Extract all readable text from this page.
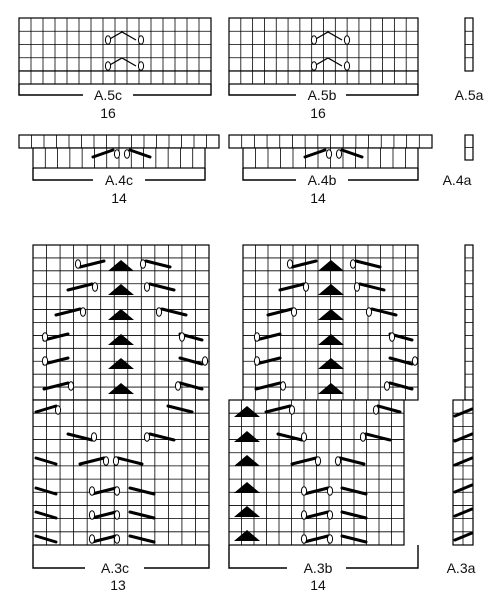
A.5c
16
A.5b
16
A.5a
A.4c
14
A.4b
14
A.4a
A.3c
13
A.3b
14
A.3a
